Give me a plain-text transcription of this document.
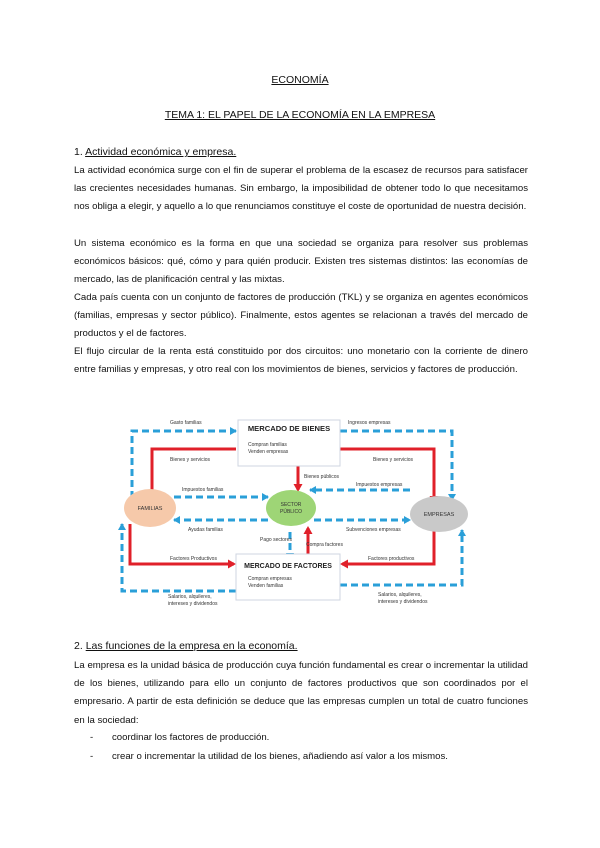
ECONOMÍA
TEMA 1: EL PAPEL DE LA ECONOMÍA EN LA EMPRESA
1. Actividad económica y empresa.
La actividad económica surge con el fin de superar el problema de la escasez de recursos para satisfacer las crecientes necesidades humanas. Sin embargo, la imposibilidad de obtener todo lo que necesitamos nos obliga a elegir, y aquello a lo que renunciamos constituye el coste de oportunidad de nuestra decisión.
Un sistema económico es la forma en que una sociedad se organiza para resolver sus problemas económicos básicos: qué, cómo y para quién producir. Existen tres sistemas distintos: las economías de mercado, las de planificación central y las mixtas.
Cada país cuenta con un conjunto de factores de producción (TKL) y se organiza en agentes económicos (familias, empresas y sector público). Finalmente, estos agentes se relacionan a través del mercado de productos y el de factores.
El flujo circular de la renta está constituido por dos circuitos: uno monetario con la corriente de dinero entre familias y empresas, y otro real con los movimientos de bienes, servicios y factores de producción.
MERCADO DE BIENES
Compran familias
Venden empresas
MERCADO DE FACTORES
Compran empresas
Venden familias
FAMILIAS
EMPRESAS
SECTOR
PÚBLICO
Gasto familias	Ingresos empresas
Bienes y servicios	Bienes y servicios
Bienes públicos
Impuestos familias
Impuestos empresas
Ayudas familias	Subvenciones empresas
Pago sectores
Compra factores
Factores Productivos	Factores productivos
Salarios, alquileres,
intereses y dividendos
Salarios, alquileres,
intereses y dividendos
2. Las funciones de la empresa en la economía.
La empresa es la unidad básica de producción cuya función fundamental es crear o incrementar la utilidad de los bienes, utilizando para ello un conjunto de factores productivos que son coordinados por el empresario. A partir de esta definición se deduce que las empresas cumplen un total de cuatro funciones en la sociedad:
-	coordinar los factores de producción.
-	crear o incrementar la utilidad de los bienes, añadiendo así valor a los mismos.
